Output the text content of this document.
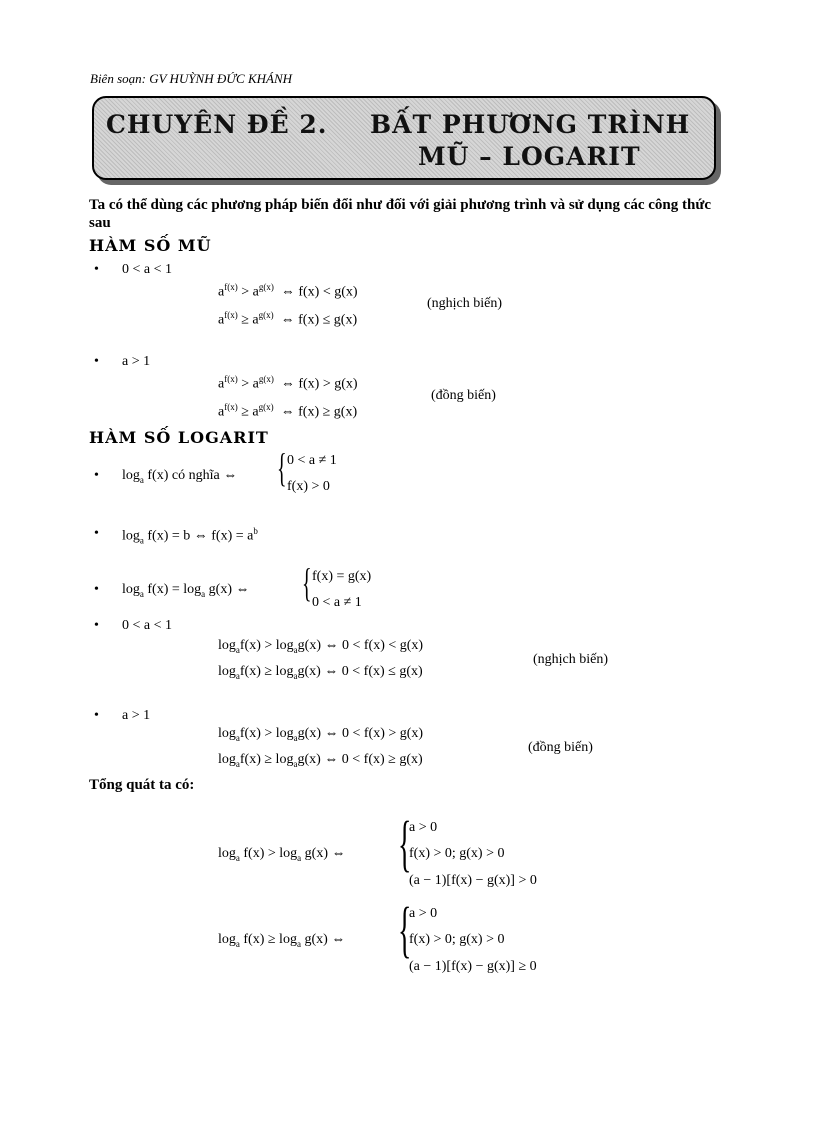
Biên soạn: GV HUỲNH ĐỨC KHÁNH
CHUYÊN ĐỀ 2. BẤT PHƯƠNG TRÌNH
MŨ – LOGARIT
Ta có thể dùng các phương pháp biến đổi như đối với giải phương trình và sử dụng các công thức sau
HÀM SỐ MŨ
• 0 < a < 1
$a^{f(x)} > a^{g(x)}$ ⇔ f(x) < g(x)
$a^{f(x)} \ge a^{g(x)}$ ⇔ f(x) ≤ g(x)
(nghịch biến)
• a > 1
$a^{f(x)} > a^{g(x)}$ ⇔ f(x) > g(x)
$a^{f(x)} \ge a^{g(x)}$ ⇔ f(x) ≥ g(x)
(đồng biến)
HÀM SỐ LOGARIT
• $\log_a f(x)$ có nghĩa ⇔ { 0 < a ≠ 1
f(x) > 0
• $\log_a f(x) = b$ ⇔ $f(x) = a^b$
• $\log_a f(x) = \log_a g(x)$ ⇔ { f(x) = g(x)
0 < a ≠ 1
• 0 < a < 1
$\log_af(x) > \log_ag(x)$ ⇔ 0 < f(x) < g(x)
$\log_af(x) \ge \log_ag(x)$ ⇔ 0 < f(x) ≤ g(x)
(nghịch biến)
• a > 1
$\log_af(x) > \log_ag(x)$ ⇔ 0 < f(x) > g(x)
$\log_af(x) \ge \log_ag(x)$ ⇔ 0 < f(x) ≥ g(x)
(đồng biến)
Tổng quát ta có:
$\log_a f(x) > \log_a g(x)$ ⇔ {
a > 0
f(x) > 0; g(x) > 0
(a − 1)[f(x) − g(x)] > 0
$\log_a f(x) \ge \log_a g(x)$ ⇔ {
a > 0
f(x) > 0; g(x) > 0
(a − 1)[f(x) − g(x)] ≥ 0
